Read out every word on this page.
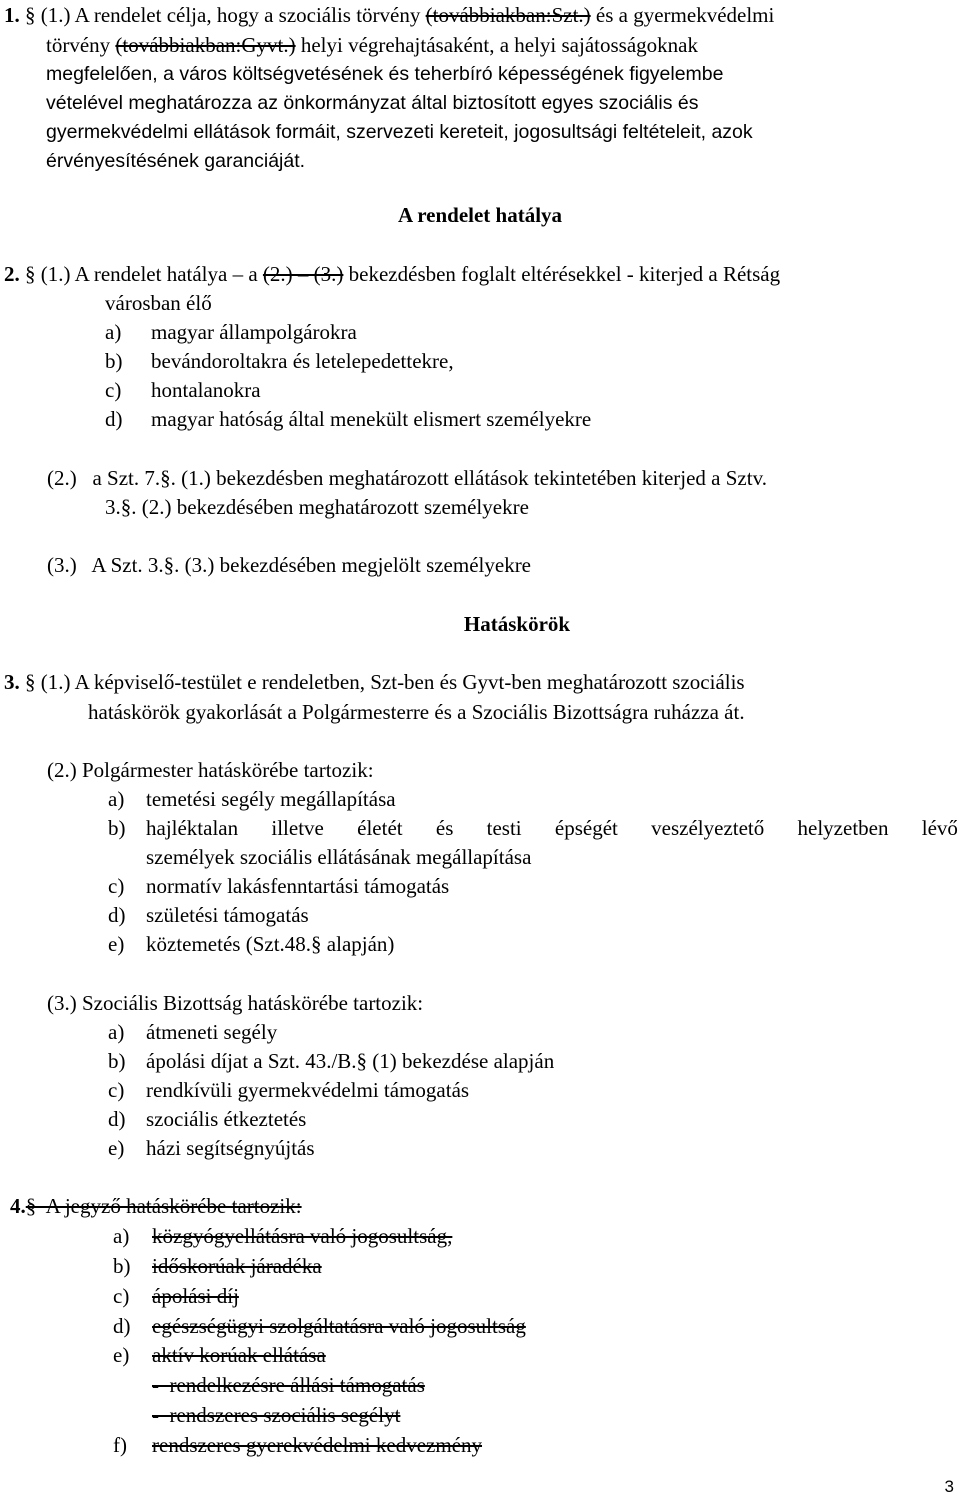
1. § (1.) A rendelet célja, hogy a szociális törvény (továbbiakban:Szt.) és a gyermekvédelmi
törvény (továbbiakban:Gyvt.) helyi végrehajtásaként, a helyi sajátosságoknak
megfelelően, a város költségvetésének és teherbíró képességének figyelembe
vételével meghatározza az önkormányzat által biztosított egyes szociális és
gyermekvédelmi ellátások formáit, szervezeti kereteit, jogosultsági feltételeit, azok
érvényesítésének garanciáját.
A rendelet hatálya
2. § (1.) A rendelet hatálya – a (2.) – (3.) bekezdésben foglalt eltérésekkel - kiterjed a Rétság
városban élő
a) magyar állampolgárokra
b) bevándoroltakra és letelepedettekre,
c) hontalanokra
d) magyar hatóság által menekült elismert személyekre
(2.)   a Szt. 7.§. (1.) bekezdésben meghatározott ellátások tekintetében kiterjed a Sztv.
3.§. (2.) bekezdésében meghatározott személyekre
(3.)   A Szt. 3.§. (3.) bekezdésében megjelölt személyekre
Hatáskörök
3. § (1.) A képviselő-testület e rendeletben, Szt-ben és Gyvt-ben meghatározott szociális
hatáskörök gyakorlását a Polgármesterre és a Szociális Bizottságra ruházza át.
(2.) Polgármester hatáskörébe tartozik:
a) temetési segély megállapítása
b) hajléktalan illetve életét és testi épségét veszélyeztető helyzetben lévő
személyek szociális ellátásának megállapítása
c) normatív lakásfenntartási támogatás
d) születési támogatás
e) köztemetés (Szt.48.§ alapján)
(3.) Szociális Bizottság hatáskörébe tartozik:
a) átmeneti segély
b) ápolási díjat a Szt. 43./B.§ (1) bekezdése alapján
c) rendkívüli gyermekvédelmi támogatás
d) szociális étkeztetés
e) házi segítségnyújtás
4.§  A jegyző hatáskörébe tartozik:
a) közgyógyellátásra való jogosultság,
b) időskorúak járadéka
c) ápolási díj
d) egészségügyi szolgáltatásra való jogosultság
e) aktív korúak ellátása
-  rendelkezésre állási támogatás
-  rendszeres szociális segélyt
f) rendszeres gyerekvédelmi kedvezmény
3
